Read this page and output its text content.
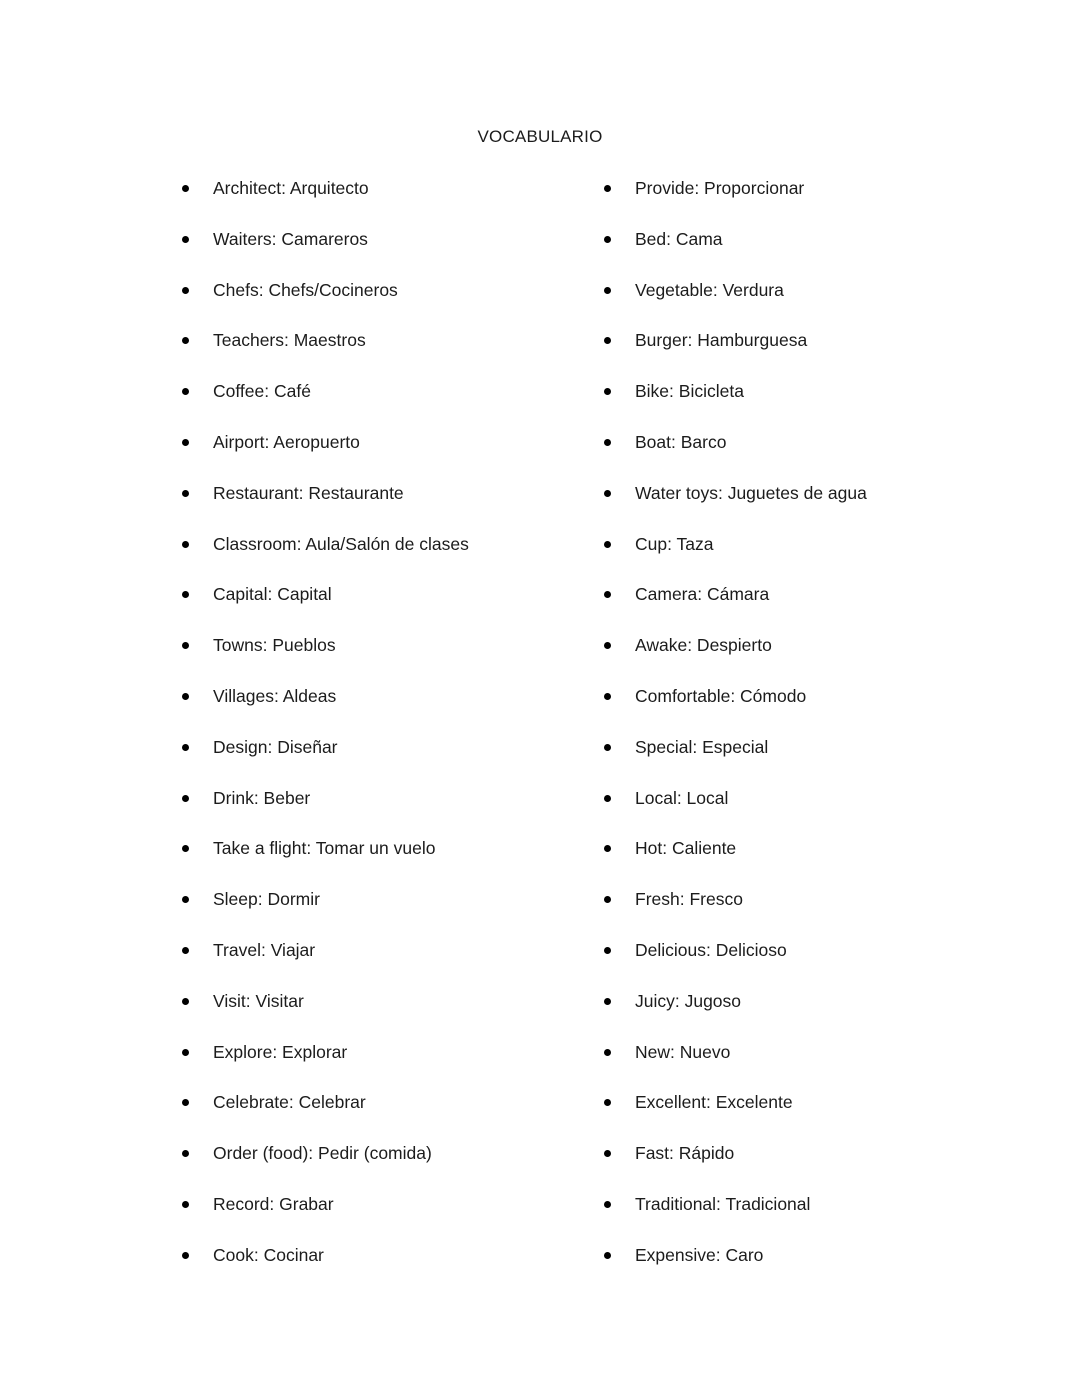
VOCABULARIO
Architect: Arquitecto
Waiters: Camareros
Chefs: Chefs/Cocineros
Teachers: Maestros
Coffee: Café
Airport: Aeropuerto
Restaurant: Restaurante
Classroom: Aula/Salón de clases
Capital: Capital
Towns: Pueblos
Villages: Aldeas
Design: Diseñar
Drink: Beber
Take a flight: Tomar un vuelo
Sleep: Dormir
Travel: Viajar
Visit: Visitar
Explore: Explorar
Celebrate: Celebrar
Order (food): Pedir (comida)
Record: Grabar
Cook: Cocinar
Provide: Proporcionar
Bed: Cama
Vegetable: Verdura
Burger: Hamburguesa
Bike: Bicicleta
Boat: Barco
Water toys: Juguetes de agua
Cup: Taza
Camera: Cámara
Awake: Despierto
Comfortable: Cómodo
Special: Especial
Local: Local
Hot: Caliente
Fresh: Fresco
Delicious: Delicioso
Juicy: Jugoso
New: Nuevo
Excellent: Excelente
Fast: Rápido
Traditional: Tradicional
Expensive: Caro
